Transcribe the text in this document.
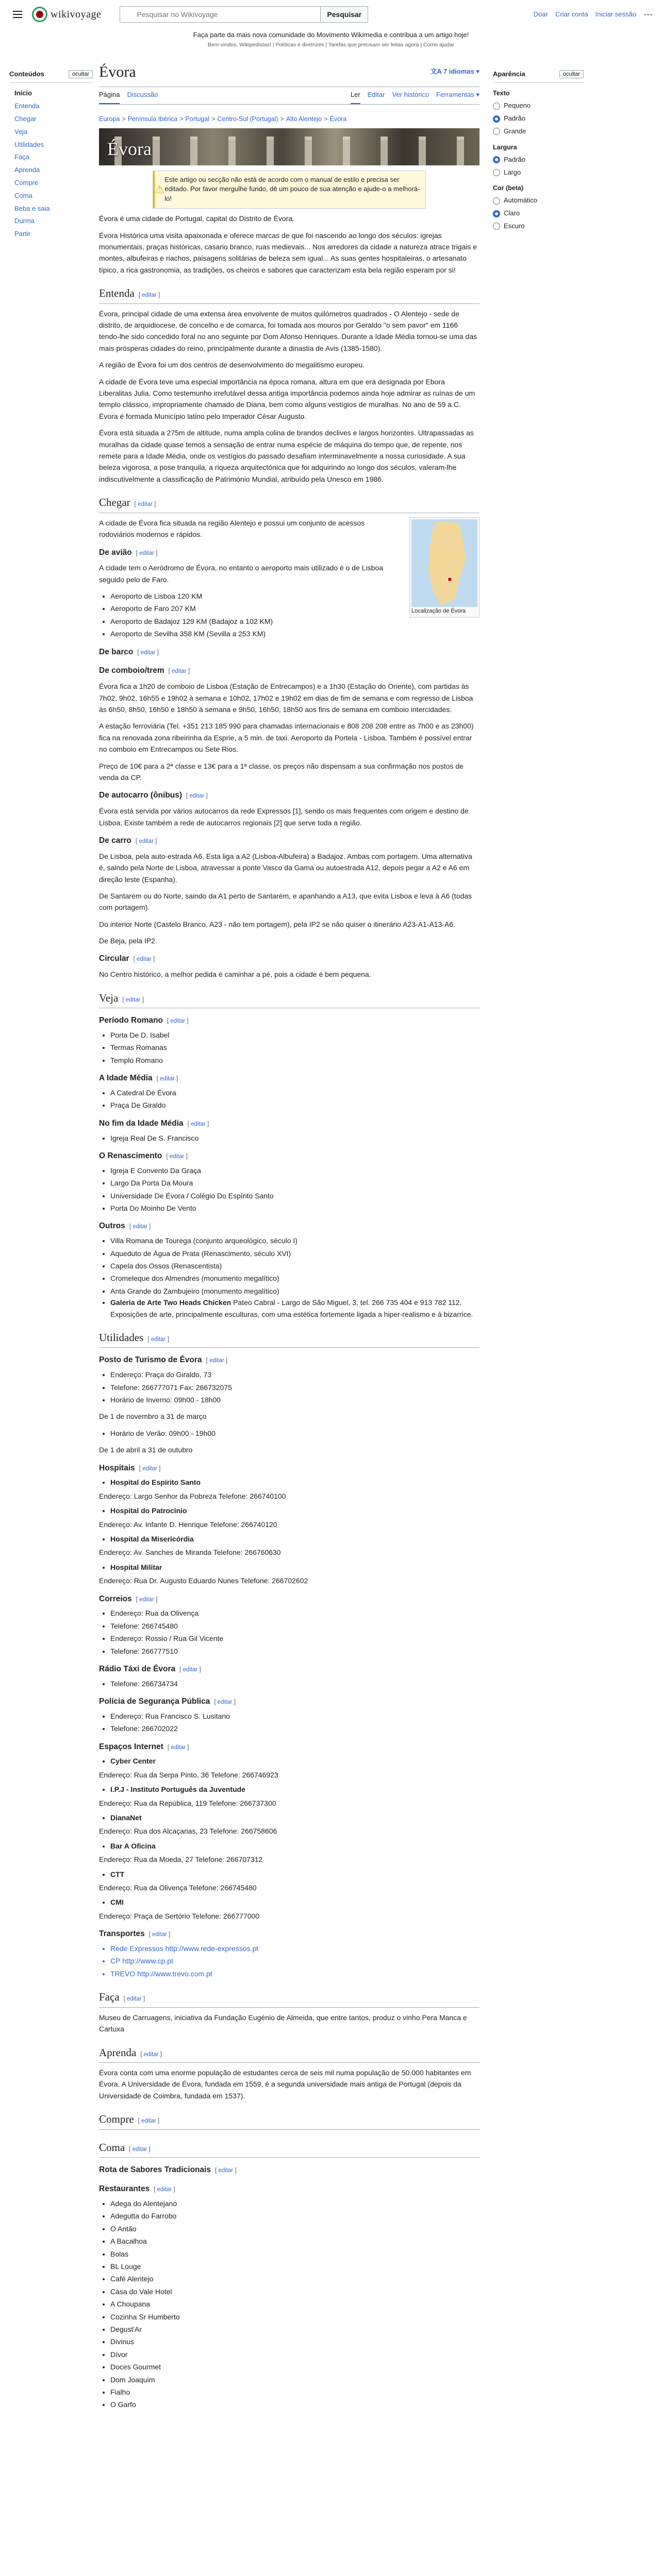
wikivoyage
Pesquisar no Wikivoyage	Pesquisar	Doar Criar conta Iniciar sessão ⋯
Faça parte da mais nova comunidade do Movimento Wikimedia e contribua a um artigo hoje!
Bem-vindos, Wikipedistas! | Políticas e diretrizes | Tarefas que precisam ser feitas agora | Como ajudar
Conteúdos	ocultar
Início
Entenda
Chegar
Veja
Utilidades
Faça
Aprenda
Compre
Coma
Beba e saia
Durma
Partir
Évora	文A 7 idiomas ▾
Página Discussão	Ler Editar Ver histórico Ferramentas ▾
Europa > Península Ibérica > Portugal > Centro-Sul (Portugal) > Alto Alentejo > Évora
Évora
⚠
Este artigo ou secção não está de acordo com o manual de estilo e precisa ser editado. Por favor mergulhe fundo, dê um pouco de sua atenção e ajude-o a melhorá-lo!

Évora é uma cidade de Portugal, capital do Distrito de Évora.

Évora Histórica uma visita apaixonada e oferece marcas de que foi nascendo ao longo dos séculos: igrejas monumentais, praças históricas, casario branco, ruas medievais... Nos arredores da cidade a natureza atrace trigais e montes, albufeiras e riachos, paisagens solitárias de beleza sem igual... As suas gentes hospitaleiras, o artesanato típico, a rica gastronomia, as tradições, os cheiros e sabores que caracterizam esta bela região esperam por si!

Entenda [ editar ]

Évora, principal cidade de uma extensa área envolvente de muitos quilómetros quadrados - O Alentejo - sede de distrito, de arquidiocese, de concelho e de comarca, foi tomada aos mouros por Geraldo "o sem pavor" em 1166 tendo-lhe sido concedido foral no ano seguinte por Dom Afonso Henriques. Durante a Idade Média tornou-se uma das mais prósperas cidades do reino, principalmente durante a dinastia de Avis (1385-1580).

A região de Évora foi um dos centros de desenvolvimento do megalitismo europeu.

A cidade de Évora teve uma especial importância na época romana, altura em que era designada por Ebora Liberalitas Julia. Como testemunho irrefutável dessa antiga importância podemos ainda hoje admirar as ruínas de um templo clássico, impropriamente chamado de Diana, bem como alguns vestígios de muralhas. No ano de 59 a.C. Évora é formada Município latino pelo Imperador César Augusto.

Évora está situada a 275m de altitude, numa ampla colina de brandos declives e largos horizontes. Ultrapassadas as muralhas da cidade quase temos a sensação de entrar numa espécie de máquina do tempo que, de repente, nos remete para a Idade Média, onde os vestígios do passado desafiam interminavelmente a nossa curiosidade. A sua beleza vigorosa, a pose tranquila, a riqueza arquitectónica que foi adquirindo ao longo dos séculos, valeram-lhe indiscutivelmente a classificação de Património Mundial, atribuído pela Unesco em 1986.

Chegar [ editar ]
Localização de Évora

A cidade de Évora fica situada na região Alentejo e possui um conjunto de acessos rodoviários modernos e rápidos.

De avião [ editar ]

A cidade tem o Aeródromo de Évora, no entanto o aeroporto mais utilizado é o de Lisboa seguido pelo de Faro.

• Aeroporto de Lisboa 120 KM
• Aeroporto de Faro 207 KM
• Aeroporto de Badajoz 129 KM (Badajoz a 102 KM)
• Aeroporto de Sevilha 358 KM (Sevilla a 253 KM)
De barco [ editar ]
De comboio/trem [ editar ]

Évora fica a 1h20 de comboio de Lisboa (Estação de Entrecampos) e a 1h30 (Estação do Oriente), com partidas às 7h02, 9h02, 16h55 e 19h02 à semana e 10h02, 17h02 e 19h02 em dias de fim de semana e com regresso de Lisboa às 6h50, 8h50, 16h50 e 18h50 à semana e 9h50, 16h50, 18h50 aos fins de semana em comboio intercidades.

A estação ferroviária (Tel. +351 213 185 990 para chamadas internacionais e 808 208 208 entre as 7h00 e as 23h00) fica na renovada zona ribeirinha da Esprie, a 5 min. de taxi. Aeroporto da Portela - Lisboa. Também é possível entrar no comboio em Entrecampos ou Sete Rios.

Preço de 10€ para a 2ª classe e 13€ para a 1ª classe, os preços não dispensam a sua confirmação nos postos de venda da CP.

De autocarro (ônibus) [ editar ]

Évora está servida por vários autocarros da rede Expressos [1], sendo os mais frequentes com origem e destino de Lisboa. Existe também a rede de autocarros regionais [2] que serve toda a região.

De carro [ editar ]

De Lisboa, pela auto-estrada A6. Esta liga a A2 (Lisboa-Albufeira) a Badajoz. Ambas com portagem. Uma alternativa é, saindo pela Norte de Lisboa, atravessar a ponte Vasco da Gama ou autoestrada A12, depois pegar a A2 e A6 em direção leste (Espanha).

De Santarém ou do Norte, saindo da A1 perto de Santarém, e apanhando a A13, que evita Lisboa e leva à A6 (todas com portagem).

Do interior Norte (Castelo Branco, A23 - não tem portagem), pela IP2 se não quiser o itinerário A23-A1-A13-A6.

De Beja, pela IP2.

Circular [ editar ]

No Centro histórico, a melhor pedida é caminhar a pé, pois a cidade é bem pequena.

Veja [ editar ]
Período Romano [ editar ]
• Porta De D. Isabel
• Termas Romanas
• Templo Romano
A Idade Média [ editar ]
• A Catedral De Évora
• Praça De Giraldo
No fim da Idade Média [ editar ]
• Igreja Real De S. Francisco
O Renascimento [ editar ]
• Igreja E Convento Da Graça
• Largo Da Porta Da Moura
• Universidade De Évora / Colégio Do Espírito Santo
• Porta Do Moinho De Vento
Outros [ editar ]
• Villa Romana de Tourega (conjunto arqueológico, século I)
• Aqueduto de Água de Prata (Renascimento, século XVI)
• Capela dos Ossos (Renascentista)
• Cromeleque dos Almendres (monumento megalítico)
• Anta Grande do Zambujeiro (monumento megalítico)
• Galeria de Arte Two Heads Chicken Pateo Cabral - Largo de São Miguel, 3, tel. 266 735 404 e 913 782 112. Exposições de arte, principalmente esculturas, com uma estética fortemente ligada a hiper-realismo e à bizarrice.
Utilidades [ editar ]
Posto de Turismo de Évora [ editar ]
• Endereço: Praça do Giraldo, 73
• Telefone: 266777071 Fax: 266732075
• Horário de Inverno: 09h00 - 18h00

De 1 de novembro a 31 de março

• Horário de Verão: 09h00 - 19h00

De 1 de abril a 31 de outubro

Hospitais [ editar ]
• Hospital do Espírito Santo
Endereço: Largo Senhor da Pobreza Telefone: 266740100
• Hospital do Patrocínio
Endereço: Av. Infante D. Henrique Telefone: 266740120
• Hospital da Misericórdia
Endereço: Av. Sanches de Miranda Telefone: 266760630
• Hospital Militar
Endereço: Rua Dr. Augusto Eduardo Nunes Telefone: 266702602
Correios [ editar ]
• Endereço: Rua da Olivença
• Telefone: 266745480
• Endereço: Rossio / Rua Gil Vicente
• Telefone: 266777510
Rádio Táxi de Évora [ editar ]
• Telefone: 266734734
Polícia de Segurança Pública [ editar ]
• Endereço: Rua Francisco S. Lusitano
• Telefone: 266702022
Espaços Internet [ editar ]
• Cyber Center
Endereço: Rua da Serpa Pinto, 36 Telefone: 266746923
• I.P.J - Instituto Português da Juventude
Endereço: Rua da República, 119 Telefone: 266737300
• DianaNet
Endereço: Rua dos Alcaçarias, 23 Telefone: 266758606
• Bar A Oficina
Endereço: Rua da Moeda, 27 Telefone: 266707312
• CTT
Endereço: Rua da Olivença Telefone: 266745480
• CMI
Endereço: Praça de Sertório Telefone: 266777000
Transportes [ editar ]
• Rede Expressos http://www.rede-expressos.pt
• CP http://www.cp.pt
• TREVO http://www.trevo.com.pt
Faça [ editar ]

Museu de Carruagens, iniciativa da Fundação Eugénio de Almeida, que entre tantos, produz o vinho Pera Manca e Cartuxa

Aprenda [ editar ]

Évora conta com uma enorme população de estudantes cerca de seis mil numa população de 50.000 habitantes em Évora. A Universidade de Évora, fundada em 1559, é a segunda universidade mais antiga de Portugal (depois da Universidade de Coimbra, fundada em 1537).

Compre [ editar ]
Coma [ editar ]
Rota de Sabores Tradicionais [ editar ]
Restaurantes [ editar ]
• Adega do Alentejano
• Adegutta do Farrobo
• O Antão
• A Bacalhoa
• Bolas
• BL Louge
• Café Alentejo
• Casa do Vale Hotel
• A Choupana
• Cozinha Sr Humberto
• Degust'Ar
• Divinus
• Dívor
• Doces Gourmet
• Dom Joaquim
• Fialho
• O Garfo
Aparência	ocultar
Texto
Pequeno
Padrão
Grande
Largura
Padrão
Largo
Cor (beta)
Automático
Claro
Escuro
